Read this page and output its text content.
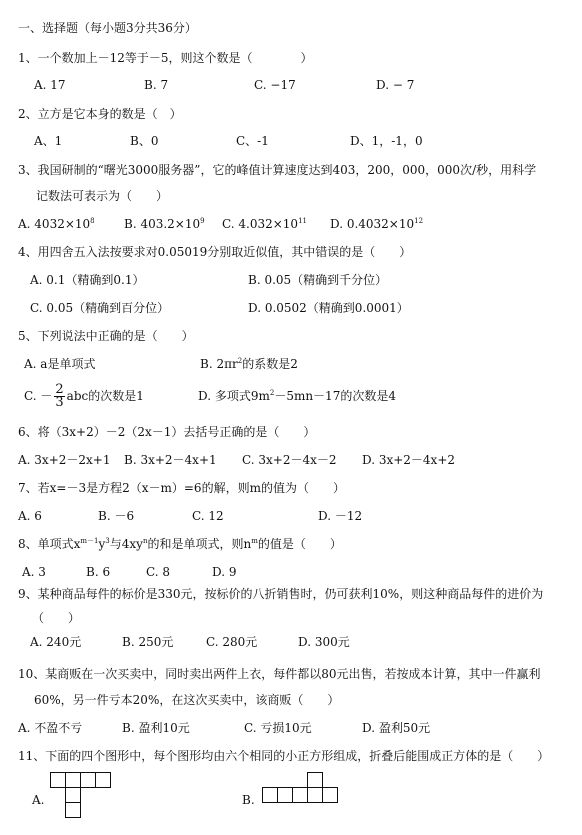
一、选择题（每小题3分共36分）
1、一个数加上－12等于－5，则这个数是（　　　　）
A. 17	B. 7	C. −17	D. − 7
2、立方是它本身的数是（　）
A、1	B、0	C、-1	D、1，-1，0
3、我国研制的“曙光3000服务器”，它的峰值计算速度达到403，200，000，000次/秒，用科学
记数法可表示为（　　）
A. $4032\times 10^8$ B. $403.2\times 10^9$ C. $4.032\times 10^{11}$ D. $0.4032\times 10^{12}$
4、用四舍五入法按要求对0.05019分别取近似值，其中错误的是（　　）
A. 0.1（精确到0.1）	B. 0.05（精确到千分位）
C. 0.05（精确到百分位）	D. 0.0502（精确到0.0001）
5、下列说法中正确的是（　　）
A. a是单项式	B. $2\pi r^2$的系数是2
C. － $\frac{2}{3}$ abc的次数是1	D. 多项式$9m^2-5mn-17$的次数是4
6、将（3x+2）－2（2x－1）去括号正确的是（　　）
A. 3x+2－2x+1 B. 3x+2－4x+1 C. 3x+2－4x－2 D. 3x+2－4x+2
7、若x=－3是方程2（x－m）=6的解，则m的值为（　　）
A. 6	B. －6	C. 12	D. －12
8、单项式$x^{m-1}y^3$与$4xy^n$的和是单项式，则$n^m$的值是（　　）
A. 3	B. 6	C. 8	D. 9
9、某种商品每件的标价是330元，按标价的八折销售时，仍可获利10%，则这种商品每件的进价为
（　　）
A. 240元	B. 250元	C. 280元	D. 300元
10、某商贩在一次买卖中，同时卖出两件上衣，每件都以80元出售，若按成本计算，其中一件赢利
60%，另一件亏本20%，在这次买卖中，该商贩（　　）
A. 不盈不亏	B. 盈利10元	C. 亏损10元	D. 盈利50元
11、下面的四个图形中，每个图形均由六个相同的小正方形组成，折叠后能围成正方体的是（　　）
A.	B.
